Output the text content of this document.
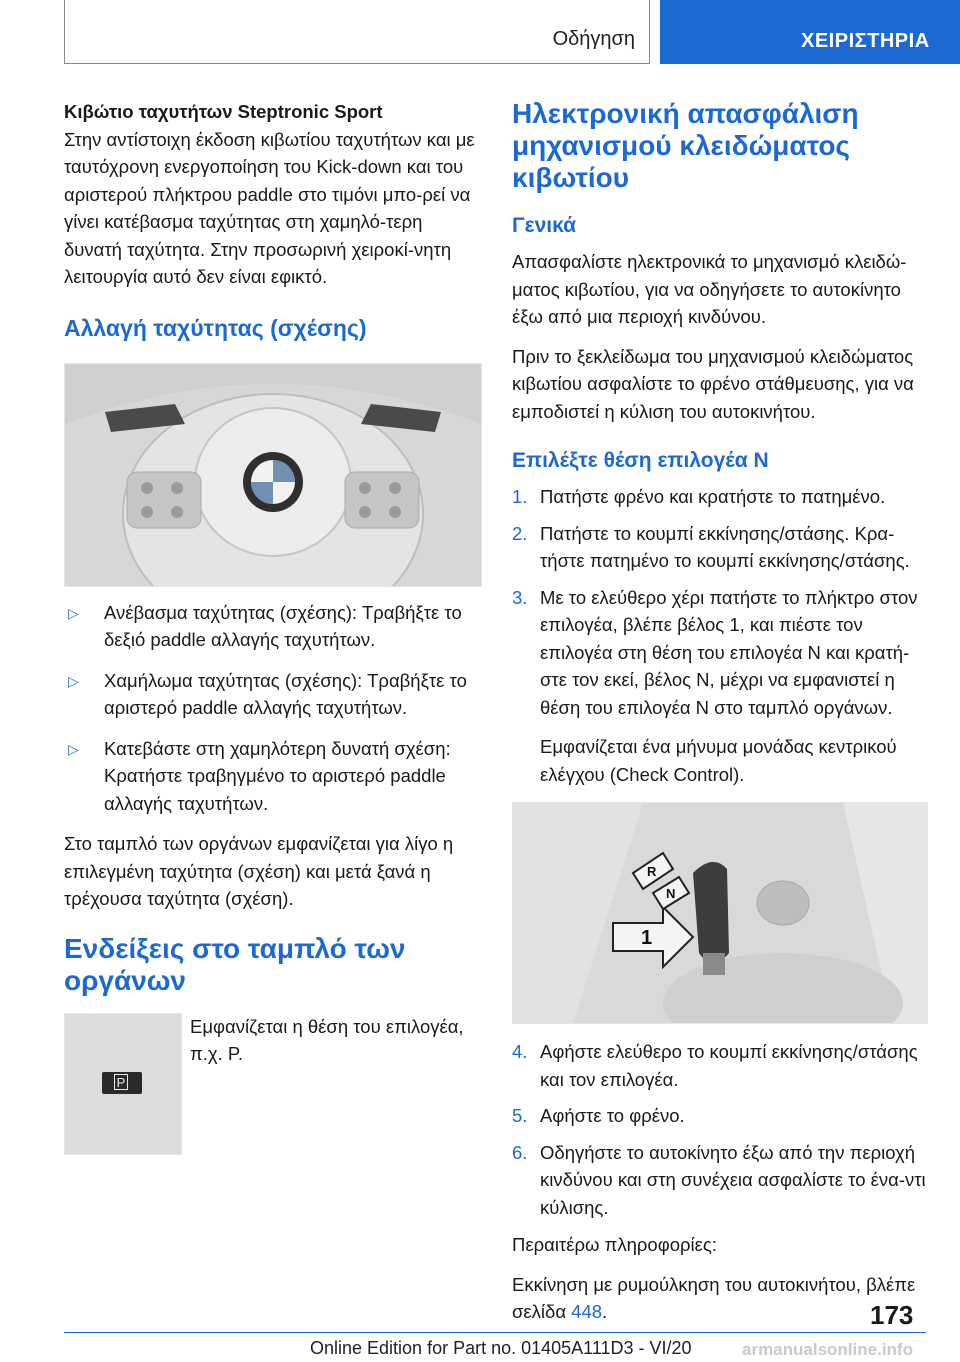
Οδήγηση	ΧΕΙΡΙΣΤΗΡΙΑ
Κιβώτιο ταχυτήτων Steptronic Sport

Στην αντίστοιχη έκδοση κιβωτίου ταχυτήτων και με ταυτόχρονη ενεργοποίηση του Kick-down και του αριστερού πλήκτρου paddle στο τιμόνι μπο-ρεί να γίνει κατέβασμα ταχύτητας στη χαμηλό-τερη δυνατή ταχύτητα. Στην προσωρινή χειροκί-νητη λειτουργία αυτό δεν είναι εφικτό.

Αλλαγή ταχύτητας (σχέσης)
▷ Ανέβασμα ταχύτητας (σχέσης): Τραβήξτε το δεξιό paddle αλλαγής ταχυτήτων.
▷ Χαμήλωμα ταχύτητας (σχέσης): Τραβήξτε το αριστερό paddle αλλαγής ταχυτήτων.
▷ Κατεβάστε στη χαμηλότερη δυνατή σχέση: Κρατήστε τραβηγμένο το αριστερό paddle αλλαγής ταχυτήτων.

Στο ταμπλό των οργάνων εμφανίζεται για λίγο η επιλεγμένη ταχύτητα (σχέση) και μετά ξανά η τρέχουσα ταχύτητα (σχέση).

Ενδείξεις στο ταμπλό των οργάνων
P

Εμφανίζεται η θέση του επιλογέα, π.χ. P.

Ηλεκτρονική απασφάλιση μηχανισμού κλειδώματος κιβωτίου
Γενικά

Απασφαλίστε ηλεκτρονικά το μηχανισμό κλειδώ-ματος κιβωτίου, για να οδηγήσετε το αυτοκίνητο έξω από μια περιοχή κινδύνου.

Πριν το ξεκλείδωμα του μηχανισμού κλειδώματος κιβωτίου ασφαλίστε το φρένο στάθμευσης, για να εμποδιστεί η κύλιση του αυτοκινήτου.

Επιλέξτε θέση επιλογέα N
1. Πατήστε φρένο και κρατήστε το πατημένο.
2. Πατήστε το κουμπί εκκίνησης/στάσης. Κρα-τήστε πατημένο το κουμπί εκκίνησης/στάσης.
3. Με το ελεύθερο χέρι πατήστε το πλήκτρο στον επιλογέα, βλέπε βέλος 1, και πιέστε τον επιλογέα στη θέση του επιλογέα N και κρατή-στε τον εκεί, βέλος N, μέχρι να εμφανιστεί η θέση του επιλογέα N στο ταμπλό οργάνων.
Εμφανίζεται ένα μήνυμα μονάδας κεντρικού ελέγχου (Check Control).
R
N
1
4. Αφήστε ελεύθερο το κουμπί εκκίνησης/στάσης και τον επιλογέα.
5. Αφήστε το φρένο.
6. Οδηγήστε το αυτοκίνητο έξω από την περιοχή κινδύνου και στη συνέχεια ασφαλίστε το ένα-ντι κύλισης.

Περαιτέρω πληροφορίες:

Εκκίνηση με ρυμούλκηση του αυτοκινήτου, βλέπε σελίδα 448.	173
Online Edition for Part no. 01405A111D3 - VI/20	armanualsonline.info
